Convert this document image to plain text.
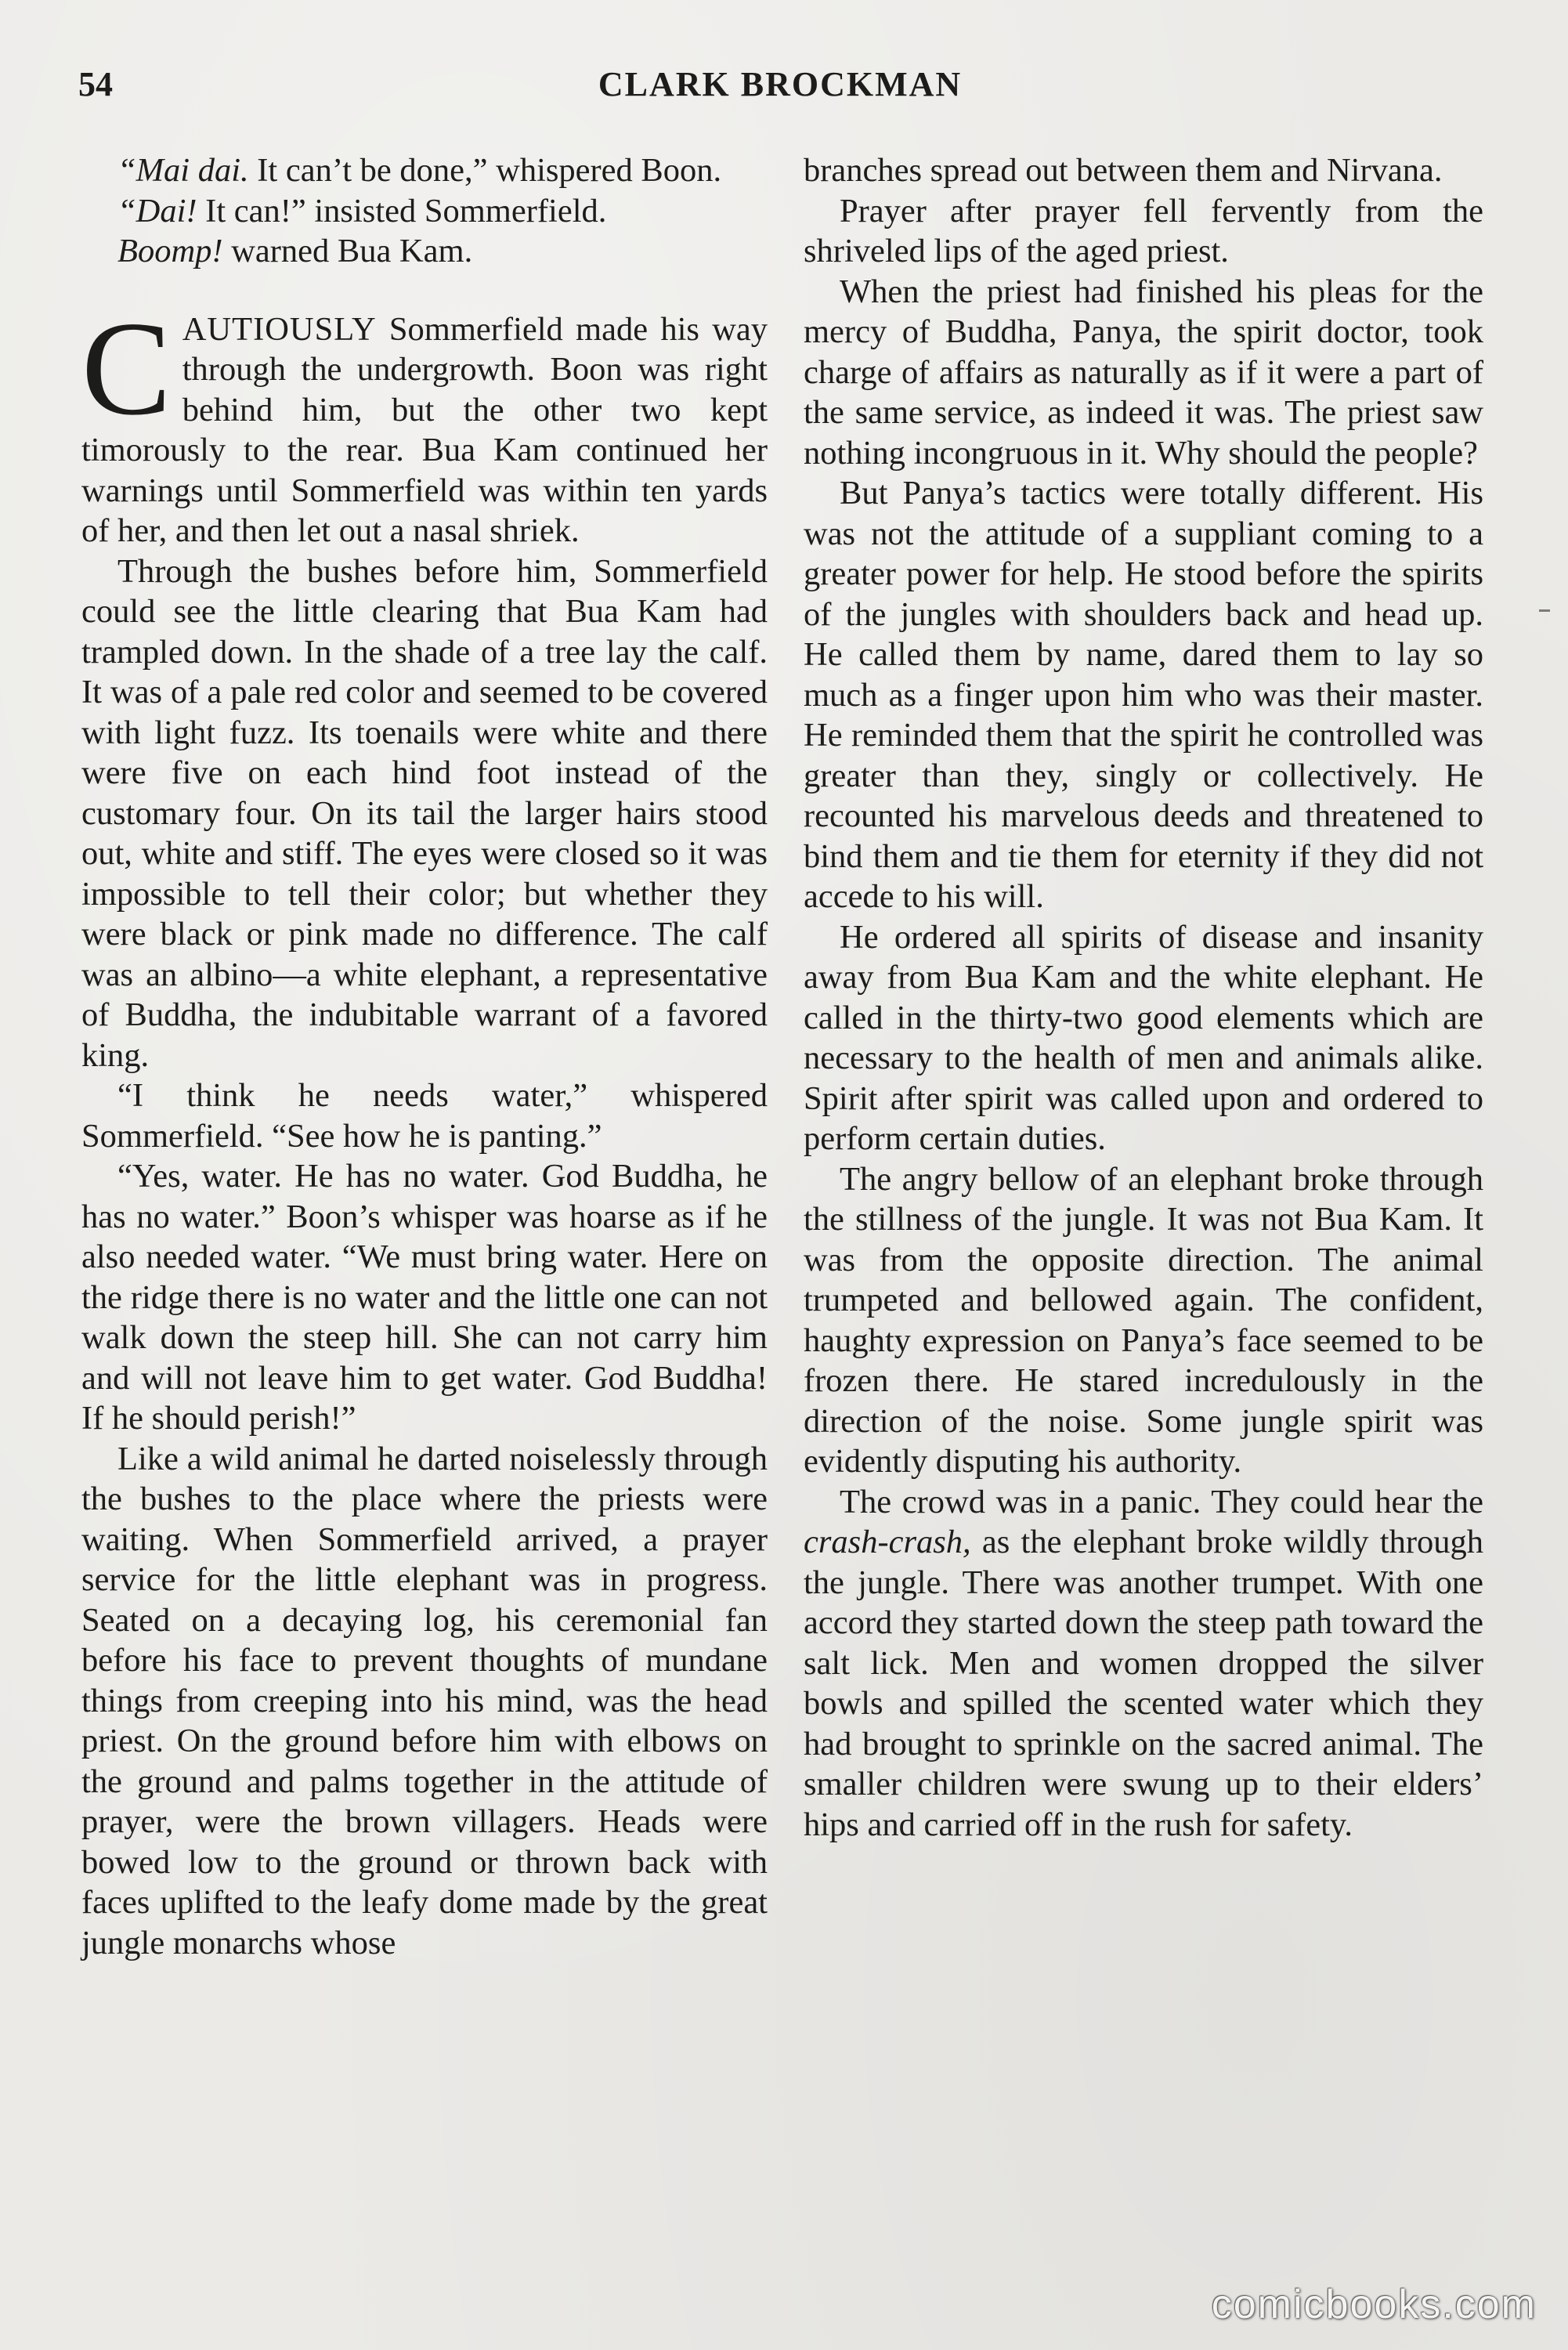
54	CLARK BROCKMAN

“Mai dai. It can’t be done,” whispered Boon.

“Dai! It can!” insisted Sommerfield.

Boomp! warned Bua Kam.

CAUTIOUSLY Sommerfield made his way through the undergrowth. Boon was right behind him, but the other two kept timorously to the rear. Bua Kam continued her warnings until Sommerfield was within ten yards of her, and then let out a nasal shriek.

Through the bushes before him, Sommerfield could see the little clearing that Bua Kam had trampled down. In the shade of a tree lay the calf. It was of a pale red color and seemed to be covered with light fuzz. Its toenails were white and there were five on each hind foot instead of the customary four. On its tail the larger hairs stood out, white and stiff. The eyes were closed so it was impossible to tell their color; but whether they were black or pink made no difference. The calf was an albino—a white elephant, a representative of Buddha, the indubitable warrant of a favored king.

“I think he needs water,” whispered Sommerfield. “See how he is panting.”

“Yes, water. He has no water. God Buddha, he has no water.” Boon’s whisper was hoarse as if he also needed water. “We must bring water. Here on the ridge there is no water and the little one can not walk down the steep hill. She can not carry him and will not leave him to get water. God Buddha! If he should perish!”

Like a wild animal he darted noiselessly through the bushes to the place where the priests were waiting. When Sommerfield arrived, a prayer service for the little elephant was in progress. Seated on a decaying log, his ceremonial fan before his face to prevent thoughts of mundane things from creeping into his mind, was the head priest. On the ground before him with elbows on the ground and palms together in the attitude of prayer, were the brown villagers. Heads were bowed low to the ground or thrown back with faces uplifted to the leafy dome made by the great jungle monarchs whose

branches spread out between them and Nirvana.

Prayer after prayer fell fervently from the shriveled lips of the aged priest.

When the priest had finished his pleas for the mercy of Buddha, Panya, the spirit doctor, took charge of affairs as naturally as if it were a part of the same service, as indeed it was. The priest saw nothing incongruous in it. Why should the people?

But Panya’s tactics were totally different. His was not the attitude of a suppliant coming to a greater power for help. He stood before the spirits of the jungles with shoulders back and head up. He called them by name, dared them to lay so much as a finger upon him who was their master. He reminded them that the spirit he controlled was greater than they, singly or collectively. He recounted his marvelous deeds and threatened to bind them and tie them for eternity if they did not accede to his will.

He ordered all spirits of disease and insanity away from Bua Kam and the white elephant. He called in the thirty-two good elements which are necessary to the health of men and animals alike. Spirit after spirit was called upon and ordered to perform certain duties.

The angry bellow of an elephant broke through the stillness of the jungle. It was not Bua Kam. It was from the opposite direction. The animal trumpeted and bellowed again. The confident, haughty expression on Panya’s face seemed to be frozen there. He stared incredulously in the direction of the noise. Some jungle spirit was evidently disputing his authority.

The crowd was in a panic. They could hear the crash-crash, as the elephant broke wildly through the jungle. There was another trumpet. With one accord they started down the steep path toward the salt lick. Men and women dropped the silver bowls and spilled the scented water which they had brought to sprinkle on the sacred animal. The smaller children were swung up to their elders’ hips and carried off in the rush for safety.

comicbooks.com
